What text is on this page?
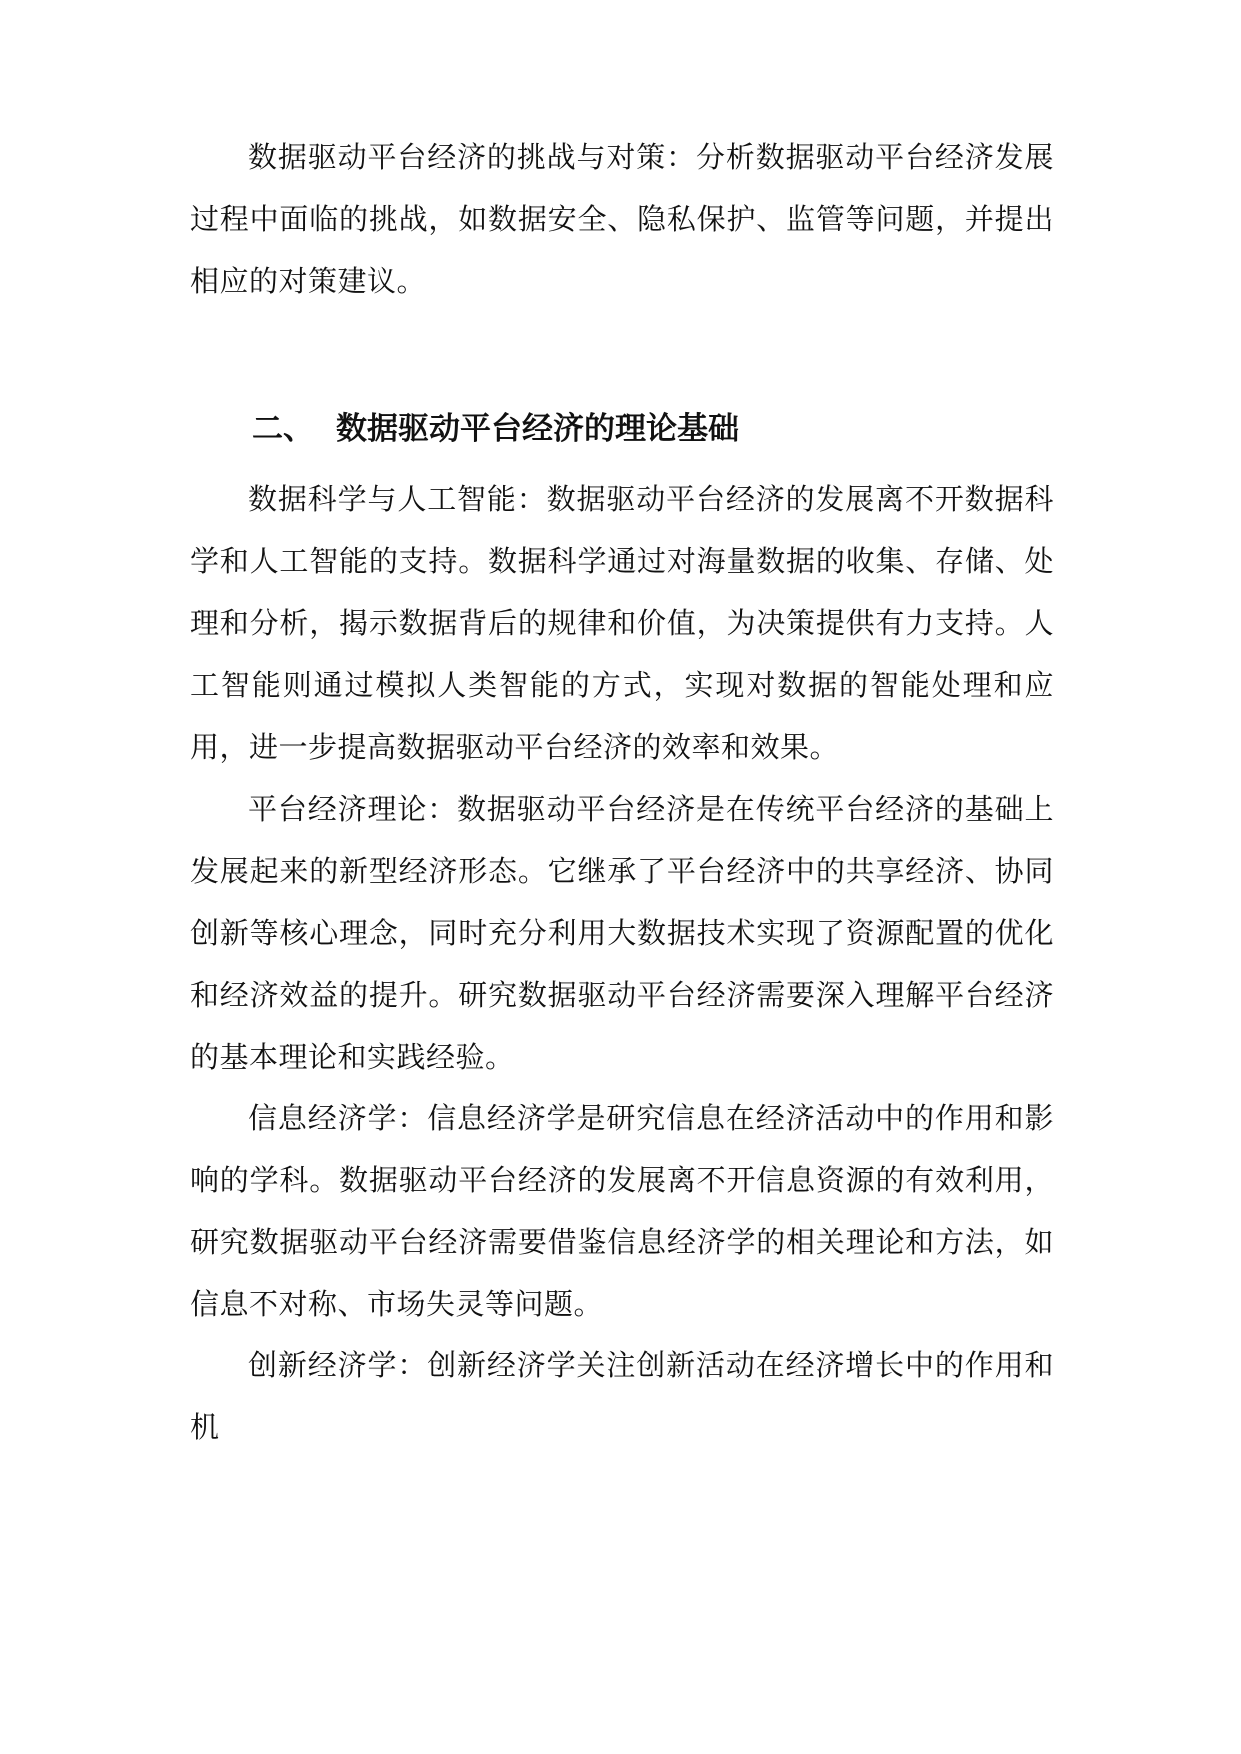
数据驱动平台经济的挑战与对策：分析数据驱动平台经济发展过程中面临的挑战，如数据安全、隐私保护、监管等问题，并提出相应的对策建议。

二、 数据驱动平台经济的理论基础

数据科学与人工智能：数据驱动平台经济的发展离不开数据科学和人工智能的支持。数据科学通过对海量数据的收集、存储、处理和分析，揭示数据背后的规律和价值，为决策提供有力支持。人工智能则通过模拟人类智能的方式，实现对数据的智能处理和应用，进一步提高数据驱动平台经济的效率和效果。

平台经济理论：数据驱动平台经济是在传统平台经济的基础上发展起来的新型经济形态。它继承了平台经济中的共享经济、协同创新等核心理念，同时充分利用大数据技术实现了资源配置的优化和经济效益的提升。研究数据驱动平台经济需要深入理解平台经济的基本理论和实践经验。

信息经济学：信息经济学是研究信息在经济活动中的作用和影响的学科。数据驱动平台经济的发展离不开信息资源的有效利用，研究数据驱动平台经济需要借鉴信息经济学的相关理论和方法，如信息不对称、市场失灵等问题。

创新经济学：创新经济学关注创新活动在经济增长中的作用和机
